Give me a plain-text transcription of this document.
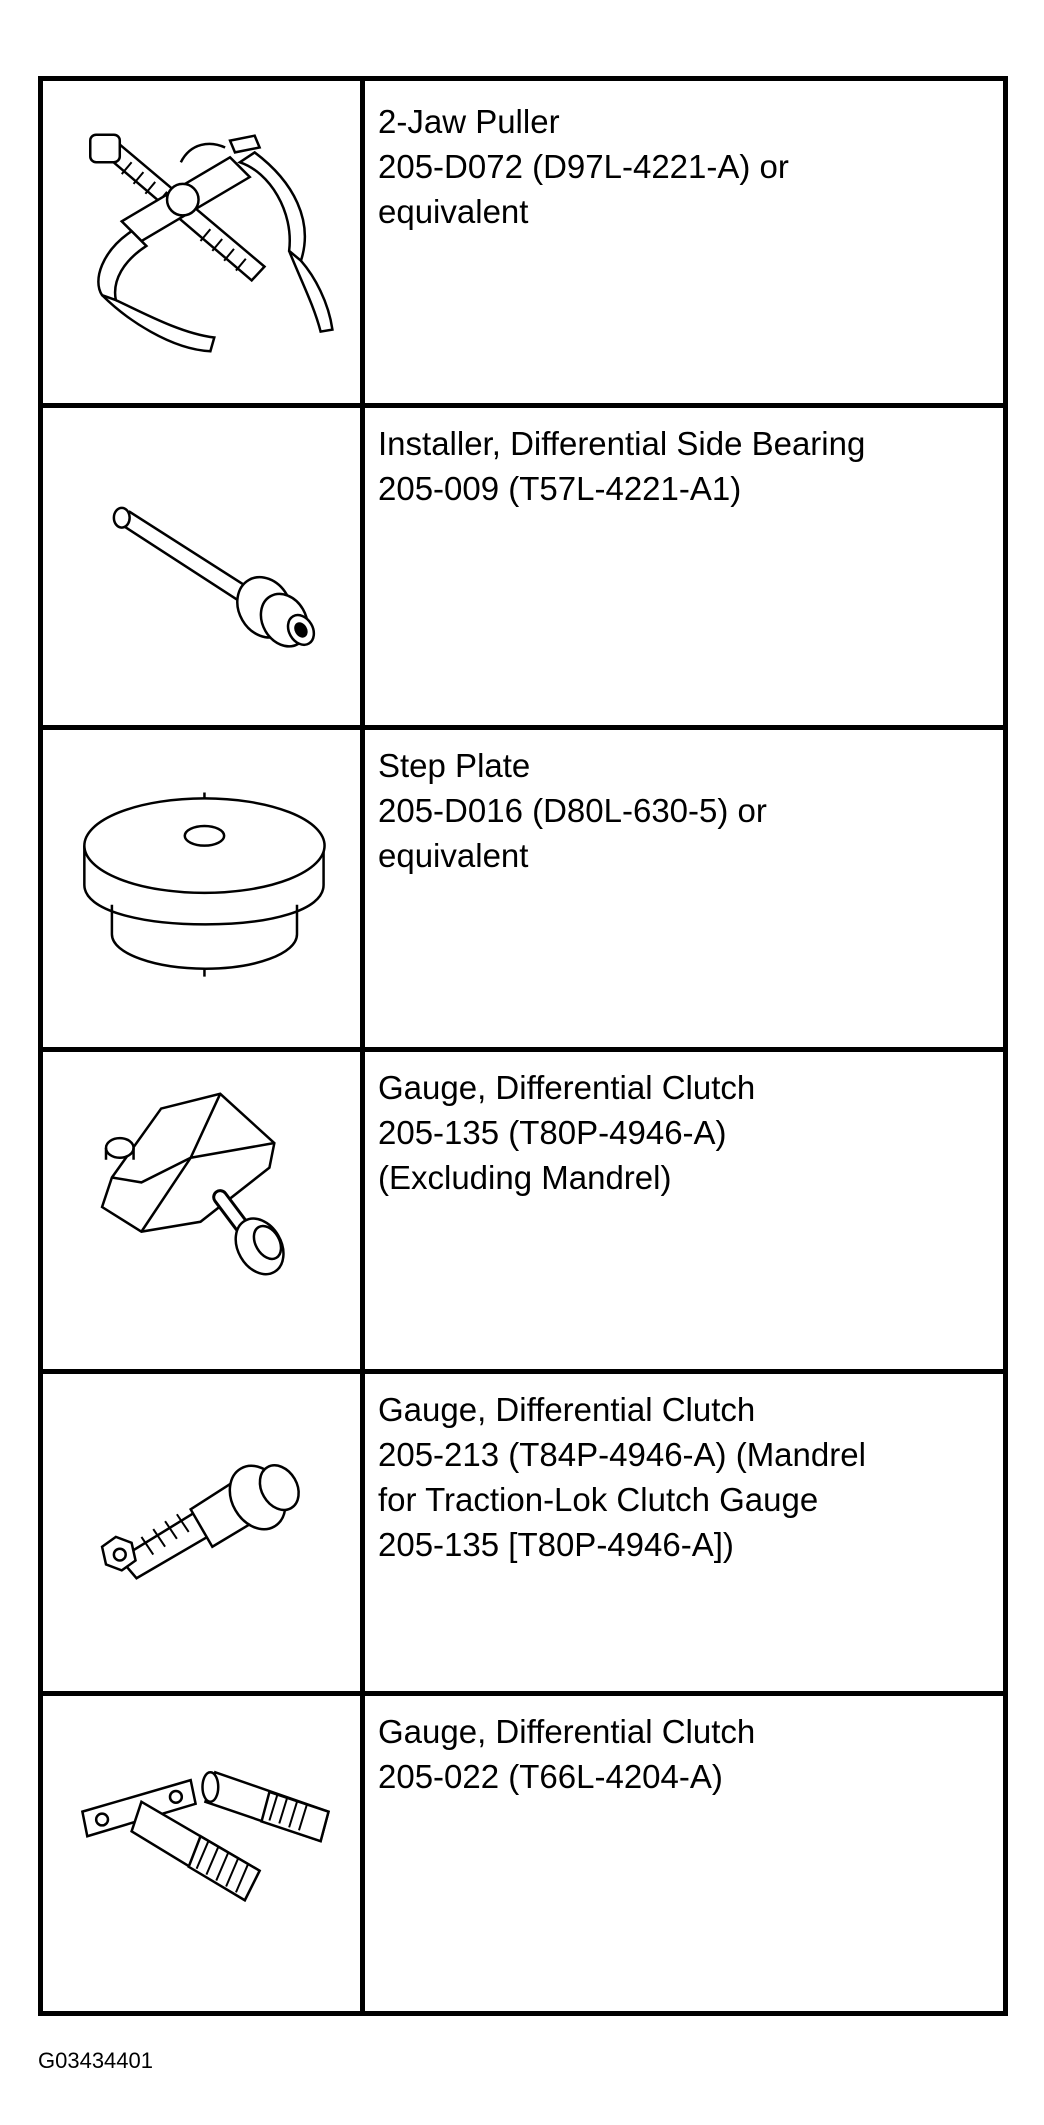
2-Jaw Puller
205-D072 (D97L-4221-A) or
equivalent
Installer, Differential Side Bearing
205-009 (T57L-4221-A1)
Step Plate
205-D016 (D80L-630-5) or
equivalent
Gauge, Differential Clutch
205-135 (T80P-4946-A)
(Excluding Mandrel)
Gauge, Differential Clutch
205-213 (T84P-4946-A) (Mandrel
for Traction-Lok Clutch Gauge
205-135 [T80P-4946-A])
Gauge, Differential Clutch
205-022 (T66L-4204-A)
G03434401
